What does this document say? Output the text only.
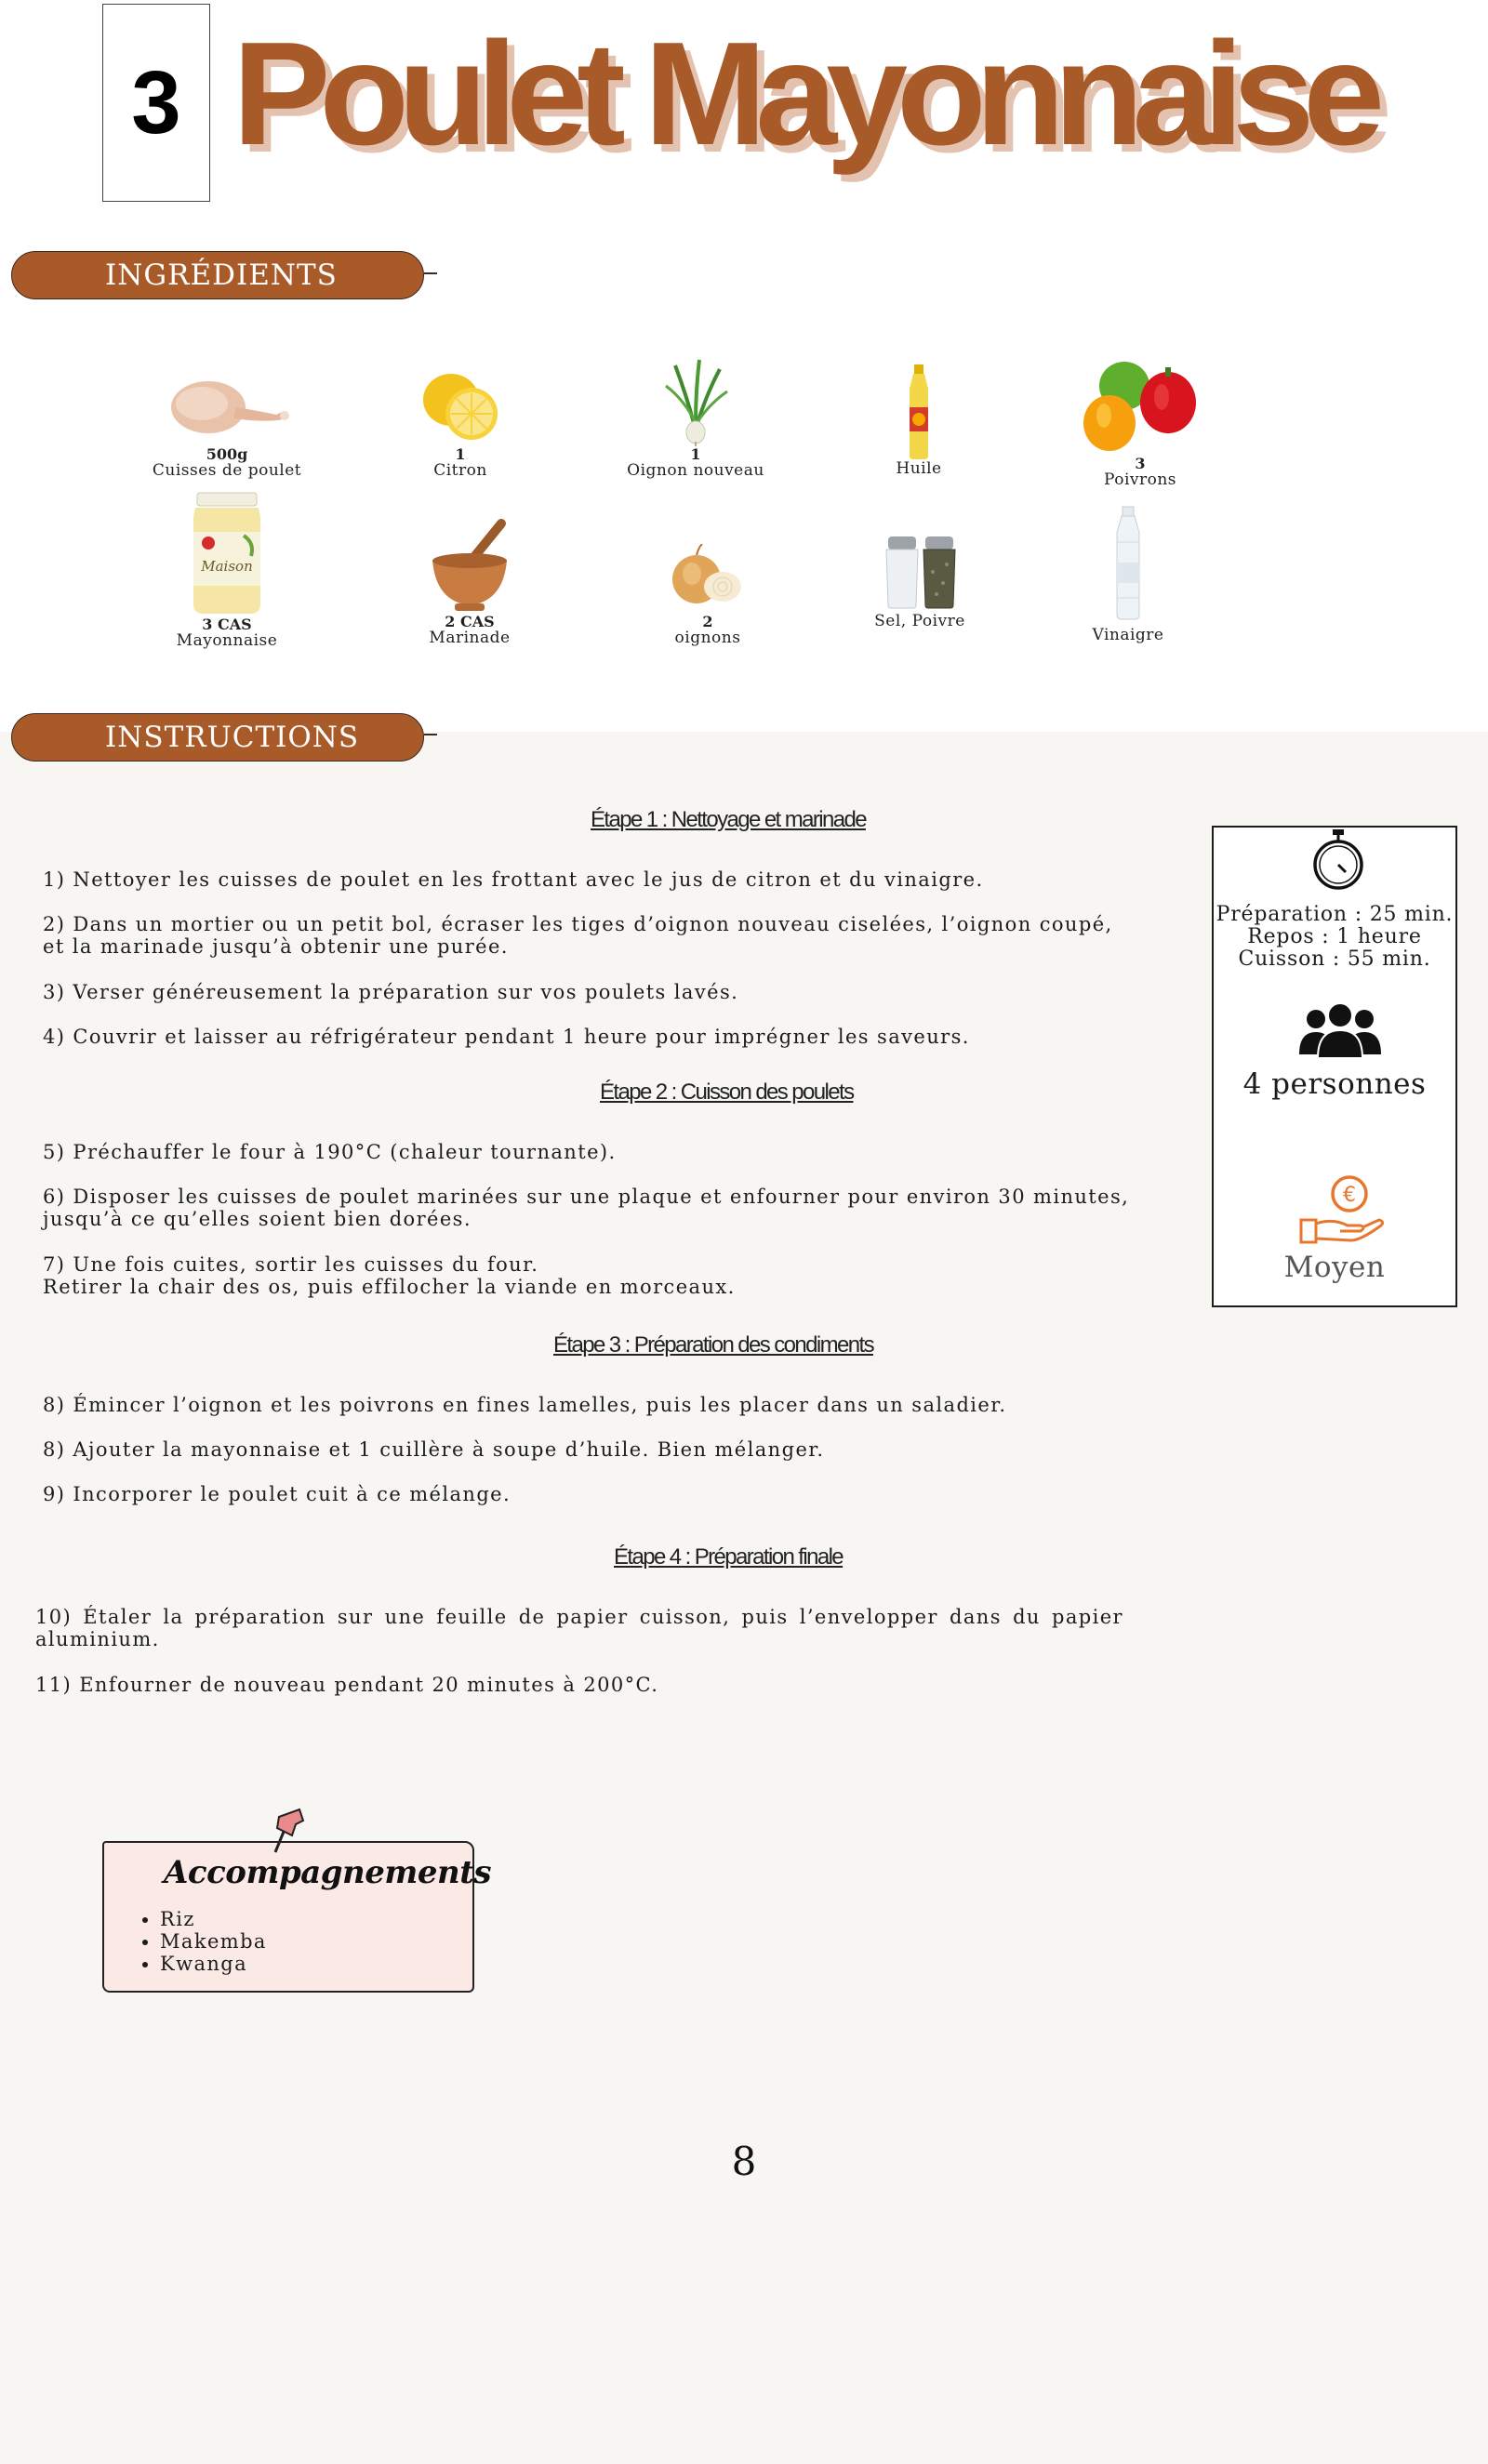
3 Poulet Mayonnaise
INGRÉDIENTS
500g
Cuisses de poulet
1
Citron
1
Oignon nouveau	Huile	3
Poivrons
Maison
3 CAS
Mayonnaise
2 CAS
Marinade
2
oignons
Sel, Poivre
Vinaigre
INSTRUCTIONS
Étape 1 : Nettoyage et marinade

1) Nettoyer les cuisses de poulet en les frottant avec le jus de citron et du vinaigre.

2) Dans un mortier ou un petit bol, écraser les tiges d’oignon nouveau ciselées, l’oignon coupé, et la marinade jusqu’à obtenir une purée.

3) Verser généreusement la préparation sur vos poulets lavés.

4) Couvrir et laisser au réfrigérateur pendant 1 heure pour imprégner les saveurs.

Étape 2 : Cuisson des poulets

5) Préchauffer le four à 190°C (chaleur tournante).

6) Disposer les cuisses de poulet marinées sur une plaque et enfourner pour environ 30 minutes, jusqu’à ce qu’elles soient bien dorées.

7) Une fois cuites, sortir les cuisses du four.
Retirer la chair des os, puis effilocher la viande en morceaux.

Étape 3 : Préparation des condiments

8) Émincer l’oignon et les poivrons en fines lamelles, puis les placer dans un saladier.

8) Ajouter la mayonnaise et 1 cuillère à soupe d’huile. Bien mélanger.

9) Incorporer le poulet cuit à ce mélange.

Étape 4 : Préparation finale

10) Étaler la préparation sur une feuille de papier cuisson, puis l’envelopper dans du papier aluminium.

11) Enfourner de nouveau pendant 20 minutes à 200°C.

Préparation : 25 min.
Repos : 1 heure
Cuisson : 55 min.
4 personnes
€
Moyen
Accompagnements
• Riz
• Makemba
• Kwanga
8
